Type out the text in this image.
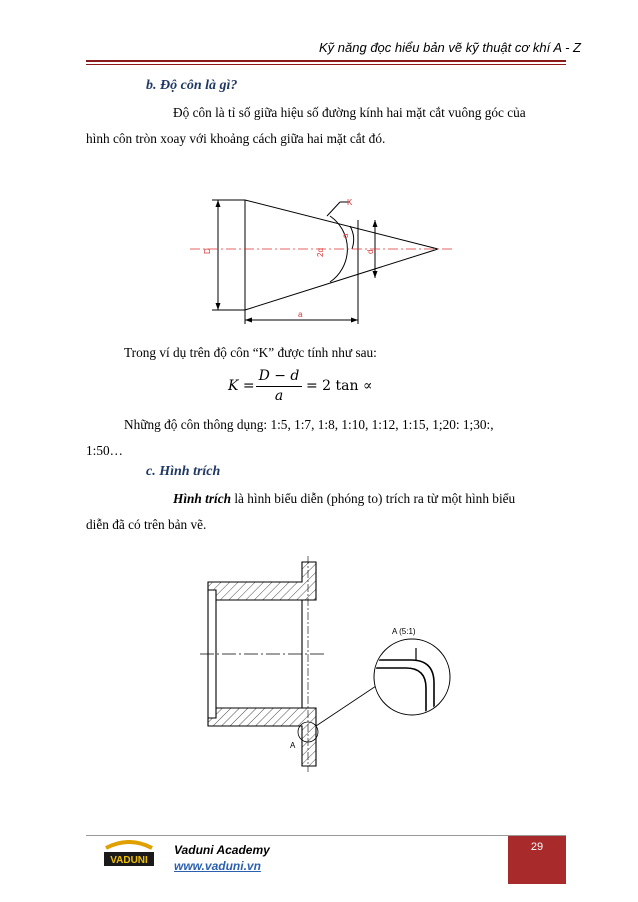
Kỹ năng đọc hiểu bản vẽ kỹ thuật cơ khí A - Z
b. Độ côn là gì?
Độ côn là tỉ số giữa hiệu số đường kính hai mặt cắt vuông góc của
hình côn tròn xoay với khoảng cách giữa hai mặt cắt đó.
D	2α
α
d
a
K
Trong ví dụ trên độ côn “K” được tính như sau:
K =
D − d
a
= 2 tan ∝
Những độ côn thông dụng: 1:5, 1:7, 1:8, 1:10, 1:12, 1:15, 1;20: 1;30:,
1:50…
c. Hình trích
Hình trích là hình biểu diễn (phóng to) trích ra từ một hình biểu
diễn đã có trên bản vẽ.
A (5:1)
A
VADUNI
Vaduni Academy
www.vaduni.vn
29
